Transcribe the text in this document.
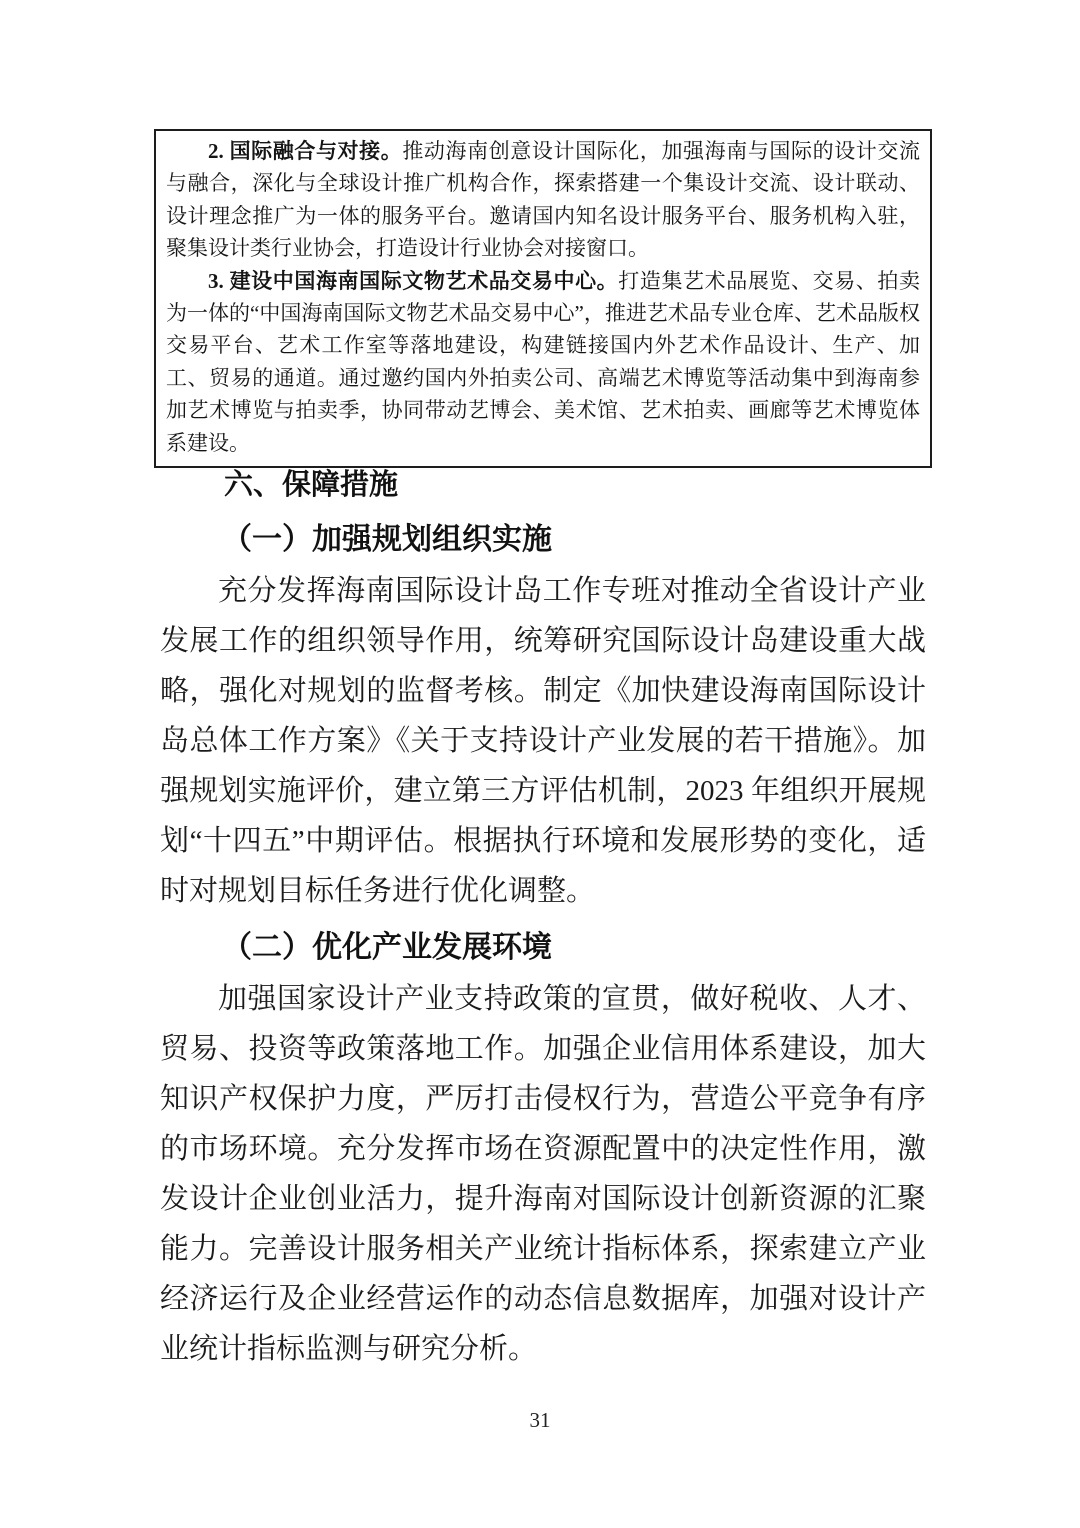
2. 国际融合与对接。推动海南创意设计国际化，加强海南与国际的设计交流与融合，深化与全球设计推广机构合作，探索搭建一个集设计交流、设计联动、设计理念推广为一体的服务平台。邀请国内知名设计服务平台、服务机构入驻，聚集设计类行业协会，打造设计行业协会对接窗口。

3. 建设中国海南国际文物艺术品交易中心。打造集艺术品展览、交易、拍卖为一体的“中国海南国际文物艺术品交易中心”，推进艺术品专业仓库、艺术品版权交易平台、艺术工作室等落地建设，构建链接国内外艺术作品设计、生产、加工、贸易的通道。通过邀约国内外拍卖公司、高端艺术博览等活动集中到海南参加艺术博览与拍卖季，协同带动艺博会、美术馆、艺术拍卖、画廊等艺术博览体系建设。

六、保障措施
（一）加强规划组织实施

充分发挥海南国际设计岛工作专班对推动全省设计产业发展工作的组织领导作用，统筹研究国际设计岛建设重大战略，强化对规划的监督考核。制定《加快建设海南国际设计岛总体工作方案》《关于支持设计产业发展的若干措施》。加强规划实施评价，建立第三方评估机制，2023 年组织开展规划“十四五”中期评估。根据执行环境和发展形势的变化，适时对规划目标任务进行优化调整。

（二）优化产业发展环境

加强国家设计产业支持政策的宣贯，做好税收、人才、贸易、投资等政策落地工作。加强企业信用体系建设，加大知识产权保护力度，严厉打击侵权行为，营造公平竞争有序的市场环境。充分发挥市场在资源配置中的决定性作用，激发设计企业创业活力，提升海南对国际设计创新资源的汇聚能力。完善设计服务相关产业统计指标体系，探索建立产业经济运行及企业经营运作的动态信息数据库，加强对设计产业统计指标监测与研究分析。

31
